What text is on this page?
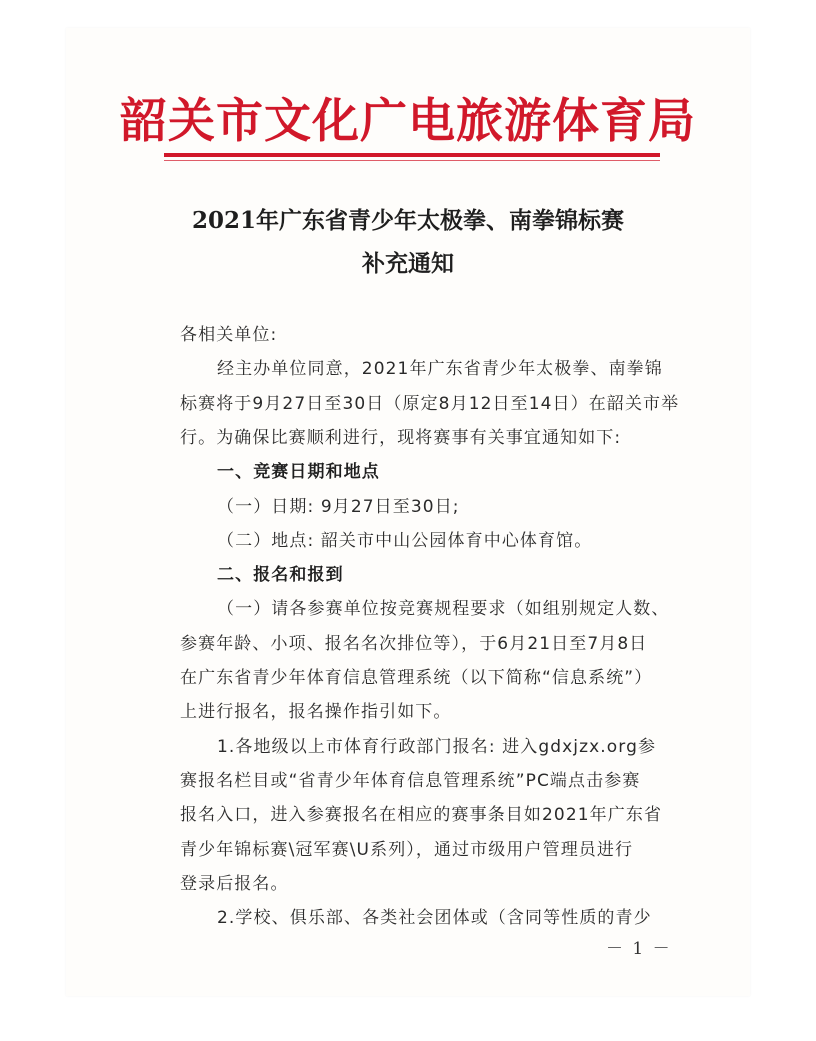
韶关市文化广电旅游体育局
2021年广东省青少年太极拳、南拳锦标赛
补充通知
各相关单位:
经主办单位同意，2021年广东省青少年太极拳、南拳锦
标赛将于9月27日至30日（原定8月12日至14日）在韶关市举
行。为确保比赛顺利进行，现将赛事有关事宜通知如下:
一、竞赛日期和地点
（一）日期: 9月27日至30日;
（二）地点: 韶关市中山公园体育中心体育馆。
二、报名和报到
（一）请各参赛单位按竞赛规程要求（如组别规定人数、
参赛年龄、小项、报名名次排位等），于6月21日至7月8日
在广东省青少年体育信息管理系统（以下简称“信息系统”）
上进行报名，报名操作指引如下。
1.各地级以上市体育行政部门报名: 进入gdxjzx.org参
赛报名栏目或“省青少年体育信息管理系统”PC端点击参赛
报名入口，进入参赛报名在相应的赛事条目如2021年广东省
青少年锦标赛\冠军赛\U系列），通过市级用户管理员进行
登录后报名。
2.学校、俱乐部、各类社会团体或（含同等性质的青少
－ 1 －
